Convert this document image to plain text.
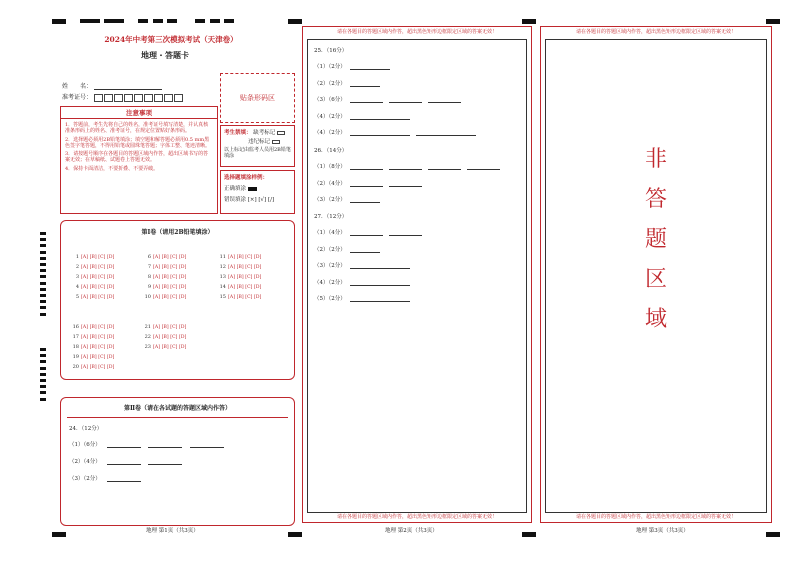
2024年中考第三次模拟考试（天津卷）
地理・答题卡
姓　　名：
准考证号：	贴条形码区
注意事项
1．答题前，考生先将自己的姓名，准考证号填写清楚，并认真核准条形码上的姓名、准考证号，在规定位置贴好条形码。
2．选择题必须用2B铅笔填涂；填空题和解答题必须用0.5 mm黑色签字笔答题，不得用铅笔或圆珠笔答题；字体工整、笔迹清晰。
3．请按题号顺序在各题目的答题区域内作答，超出区域书写的答案无效；在草稿纸、试题卷上答题无效。
4．保持卡面清洁，不要折叠、不要弄破。
考生禁填： 缺考标记
违纪标记
以上标记由监考人员用2B铅笔填涂
选择题填涂样例：
正确填涂
错误填涂 [×] [√] [/]
第Ⅰ卷（请用2B铅笔填涂）
1 [A] [B] [C] [D]
2 [A] [B] [C] [D]
3 [A] [B] [C] [D]
4 [A] [B] [C] [D]
5 [A] [B] [C] [D]
6 [A] [B] [C] [D]
7 [A] [B] [C] [D]
8 [A] [B] [C] [D]
9 [A] [B] [C] [D]
10 [A] [B] [C] [D]
11 [A] [B] [C] [D]
12 [A] [B] [C] [D]
13 [A] [B] [C] [D]
14 [A] [B] [C] [D]
15 [A] [B] [C] [D]
16 [A] [B] [C] [D]
17 [A] [B] [C] [D]
18 [A] [B] [C] [D]
19 [A] [B] [C] [D]
20 [A] [B] [C] [D]
21 [A] [B] [C] [D]
22 [A] [B] [C] [D]
23 [A] [B] [C] [D]
第Ⅱ卷（请在各试题的答题区域内作答）
24．（12分）
（1）（6分）
（2）（4分）
（3）（2分）
地理 第1页（共3页）
请在各题目的答题区域内作答，超出黑色矩形边框限定区域的答案无效！
25．（16分）
（1）（2分）
（2）（2分）
（3）（6分）
（4）（2分）
（4）（2分）
26．（14分）
（1）（8分）
（2）（4分）
（3）（2分）
27．（12分）
（1）（4分）
（2）（2分）
（3）（2分）
（4）（2分）
（5）（2分）
请在各题目的答题区域内作答，超出黑色矩形边框限定区域的答案无效！
地理 第2页（共3页）
请在各题目的答题区域内作答，超出黑色矩形边框限定区域的答案无效！
非
答
题
区
域
请在各题目的答题区域内作答，超出黑色矩形边框限定区域的答案无效！
地理 第3页（共3页）
